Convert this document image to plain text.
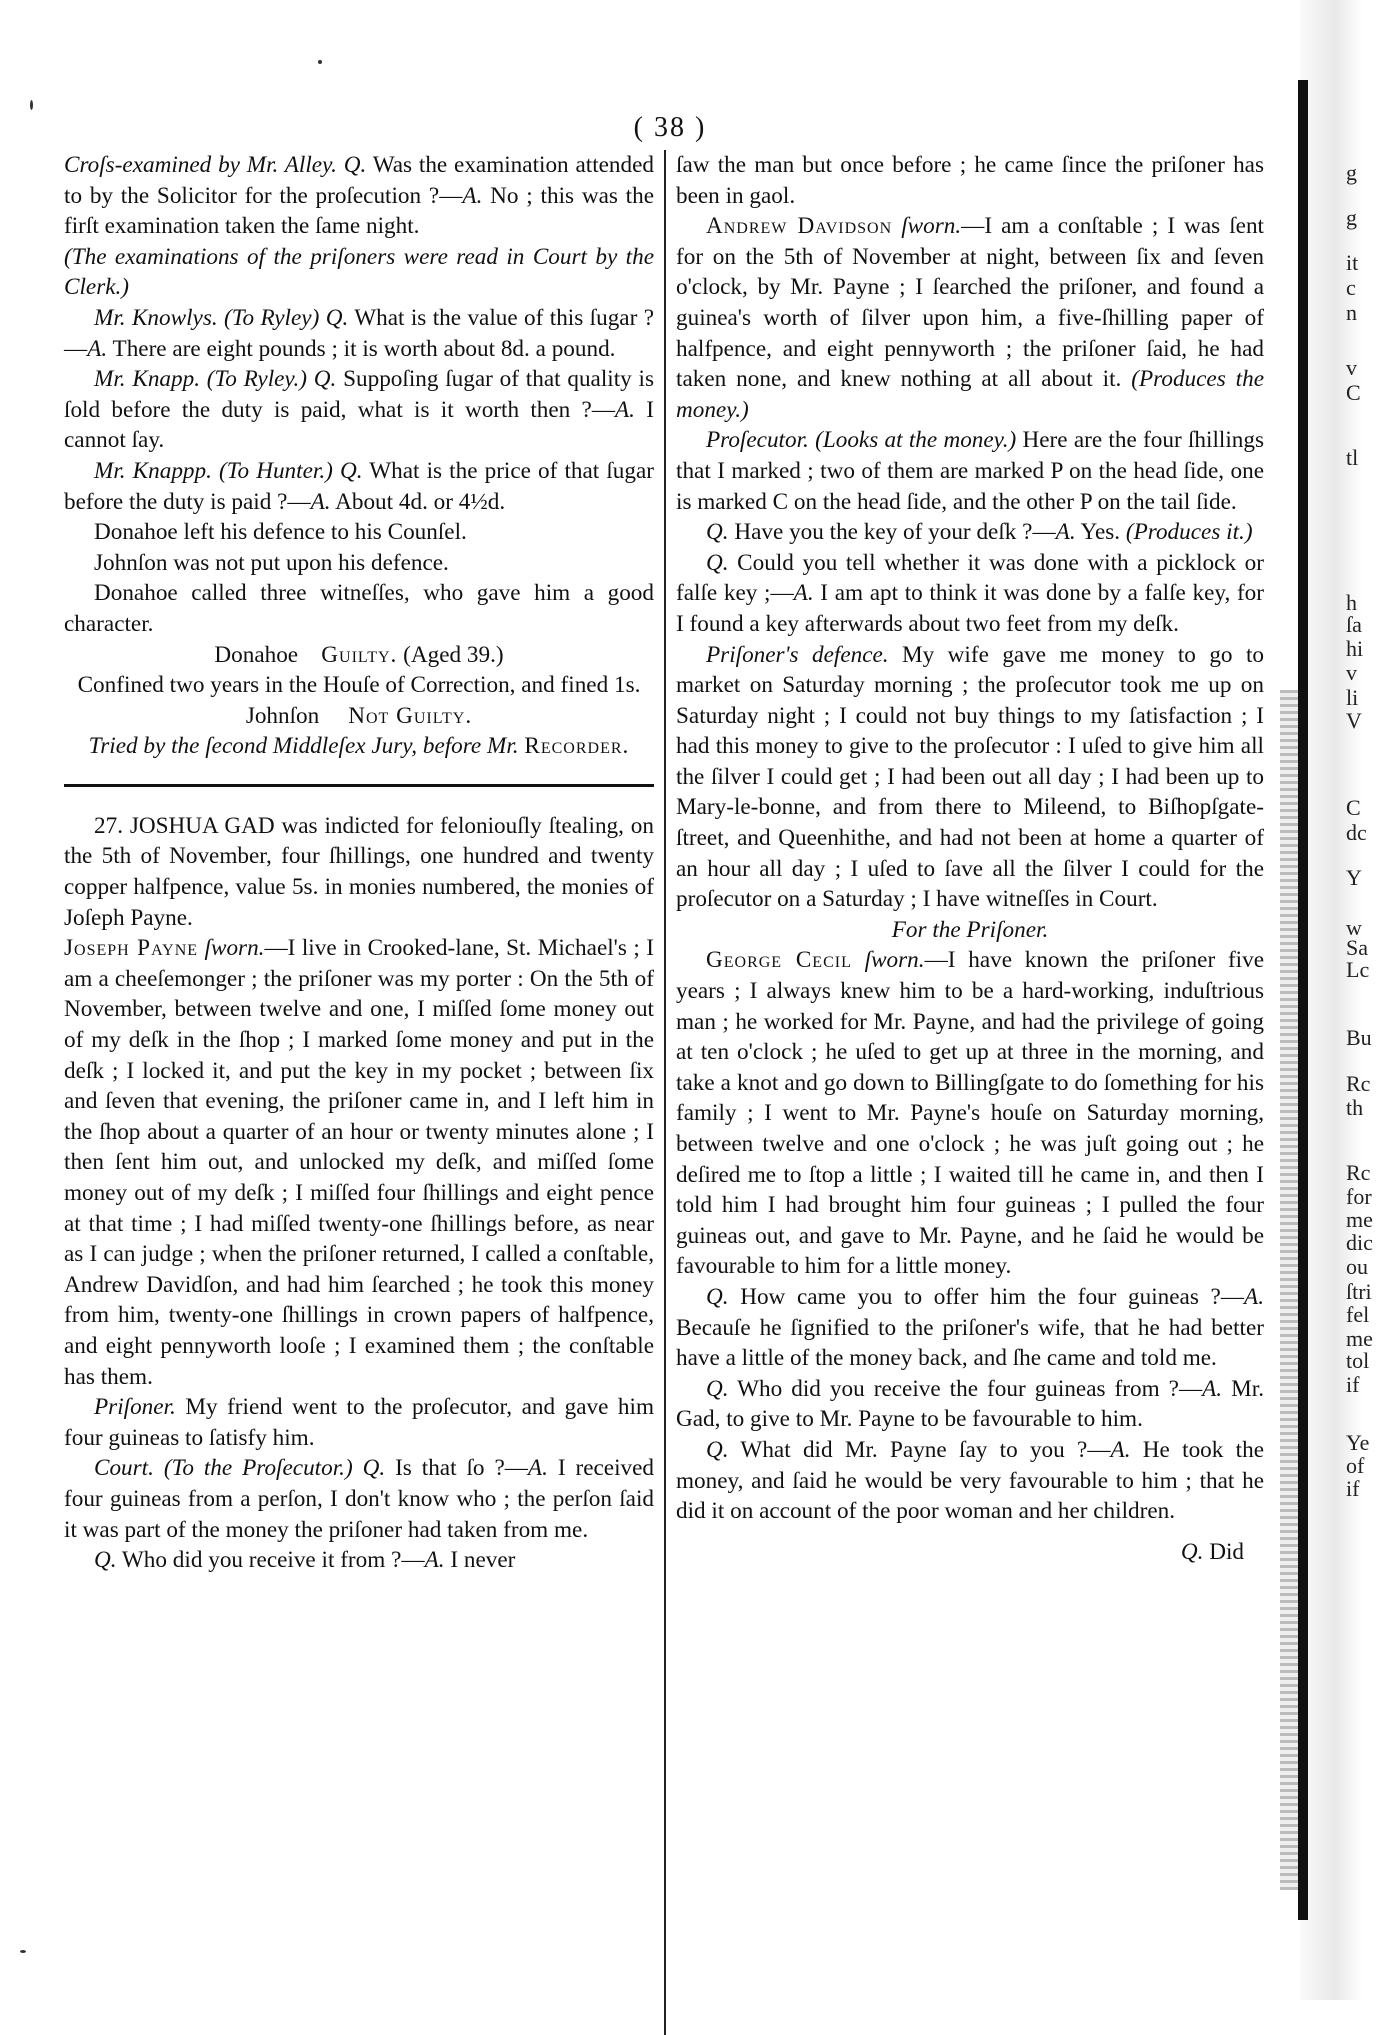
( 38 )

Croſs-examined by Mr. Alley. Q. Was the examination attended to by the Solicitor for the proſecution ?—A. No ; this was the firſt examination taken the ſame night.

(The examinations of the priſoners were read in Court by the Clerk.)

Mr. Knowlys. (To Ryley) Q. What is the value of this ſugar ?—A. There are eight pounds ; it is worth about 8d. a pound.

Mr. Knapp. (To Ryley.) Q. Suppoſing ſugar of that quality is ſold before the duty is paid, what is it worth then ?—A. I cannot ſay.

Mr. Knappp. (To Hunter.) Q. What is the price of that ſugar before the duty is paid ?—A. About 4d. or 4½d.

Donahoe left his defence to his Counſel.

Johnſon was not put upon his defence.

Donahoe called three witneſſes, who gave him a good character.

Donahoe    Guilty. (Aged 39.)

Confined two years in the Houſe of Correction, and fined 1s.

Johnſon     Not Guilty.

Tried by the ſecond Middleſex Jury, before Mr. Recorder.

27. JOSHUA GAD was indicted for feloniouſly ſtealing, on the 5th of November, four ſhillings, one hundred and twenty copper halfpence, value 5s. in monies numbered, the monies of Joſeph Payne.

Joseph Payne ſworn.—I live in Crooked-lane, St. Michael's ; I am a cheeſemonger ; the priſoner was my porter : On the 5th of November, between twelve and one, I miſſed ſome money out of my deſk in the ſhop ; I marked ſome money and put in the deſk ; I locked it, and put the key in my pocket ; between ſix and ſeven that evening, the priſoner came in, and I left him in the ſhop about a quarter of an hour or twenty minutes alone ; I then ſent him out, and unlocked my deſk, and miſſed ſome money out of my deſk ; I miſſed four ſhillings and eight pence at that time ; I had miſſed twenty-one ſhillings before, as near as I can judge ; when the priſoner returned, I called a conſtable, Andrew Davidſon, and had him ſearched ; he took this money from him, twenty-one ſhillings in crown papers of halfpence, and eight pennyworth looſe ; I examined them ; the conſtable has them.

Priſoner. My friend went to the proſecutor, and gave him four guineas to ſatisfy him.

Court. (To the Proſecutor.) Q. Is that ſo ?—A. I received four guineas from a perſon, I don't know who ; the perſon ſaid it was part of the money the priſoner had taken from me.

Q. Who did you receive it from ?—A. I never

ſaw the man but once before ; he came ſince the priſoner has been in gaol.

Andrew Davidson ſworn.—I am a conſtable ; I was ſent for on the 5th of November at night, between ſix and ſeven o'clock, by Mr. Payne ; I ſearched the priſoner, and found a guinea's worth of ſilver upon him, a five-ſhilling paper of halfpence, and eight pennyworth ; the priſoner ſaid, he had taken none, and knew nothing at all about it. (Produces the money.)

Proſecutor. (Looks at the money.) Here are the four ſhillings that I marked ; two of them are marked P on the head ſide, one is marked C on the head ſide, and the other P on the tail ſide.

Q. Have you the key of your deſk ?—A. Yes. (Produces it.)

Q. Could you tell whether it was done with a picklock or falſe key ;—A. I am apt to think it was done by a falſe key, for I found a key afterwards about two feet from my deſk.

Priſoner's defence. My wife gave me money to go to market on Saturday morning ; the proſecutor took me up on Saturday night ; I could not buy things to my ſatisfaction ; I had this money to give to the proſecutor : I uſed to give him all the ſilver I could get ; I had been out all day ; I had been up to Mary-le-bonne, and from there to Mileend, to Biſhopſgate-ſtreet, and Queenhithe, and had not been at home a quarter of an hour all day ; I uſed to ſave all the ſilver I could for the proſecutor on a Saturday ; I have witneſſes in Court.

For the Priſoner.

George Cecil ſworn.—I have known the priſoner five years ; I always knew him to be a hard-working, induſtrious man ; he worked for Mr. Payne, and had the privilege of going at ten o'clock ; he uſed to get up at three in the morning, and take a knot and go down to Billingſgate to do ſomething for his family ; I went to Mr. Payne's houſe on Saturday morning, between twelve and one o'clock ; he was juſt going out ; he deſired me to ſtop a little ; I waited till he came in, and then I told him I had brought him four guineas ; I pulled the four guineas out, and gave to Mr. Payne, and he ſaid he would be favourable to him for a little money.

Q. How came you to offer him the four guineas ?—A. Becauſe he ſignified to the priſoner's wife, that he had better have a little of the money back, and ſhe came and told me.

Q. Who did you receive the four guineas from ?—A. Mr. Gad, to give to Mr. Payne to be favourable to him.

Q. What did Mr. Payne ſay to you ?—A. He took the money, and ſaid he would be very favourable to him ; that he did it on account of the poor woman and her children.

Q. Did

g
g
it
c
n
v
C
tl
h
ſa
hi
v
li
V
C
dc
Y
w
Sa
Lc
Bu
Rc
th
Rc
for
me
dic
ou
ſtri
fel
me
tol
if
Ye
of
if
